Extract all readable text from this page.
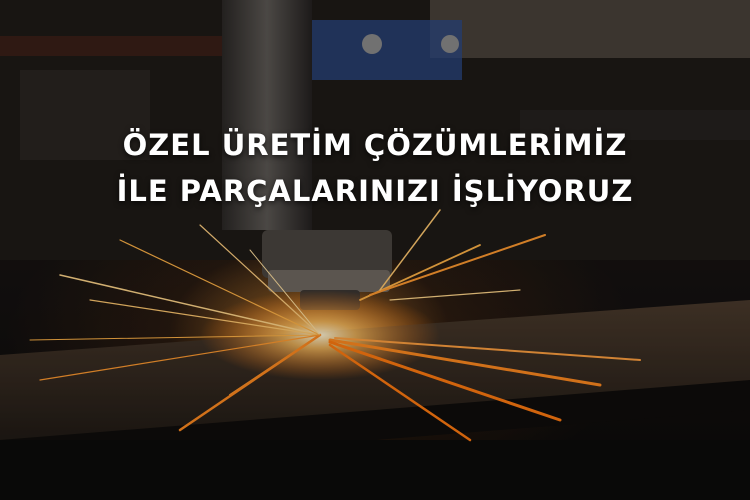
ÖZEL ÜRETİM ÇÖZÜMLERİMİZ
İLE PARÇALARINIZI İŞLİYORUZ
